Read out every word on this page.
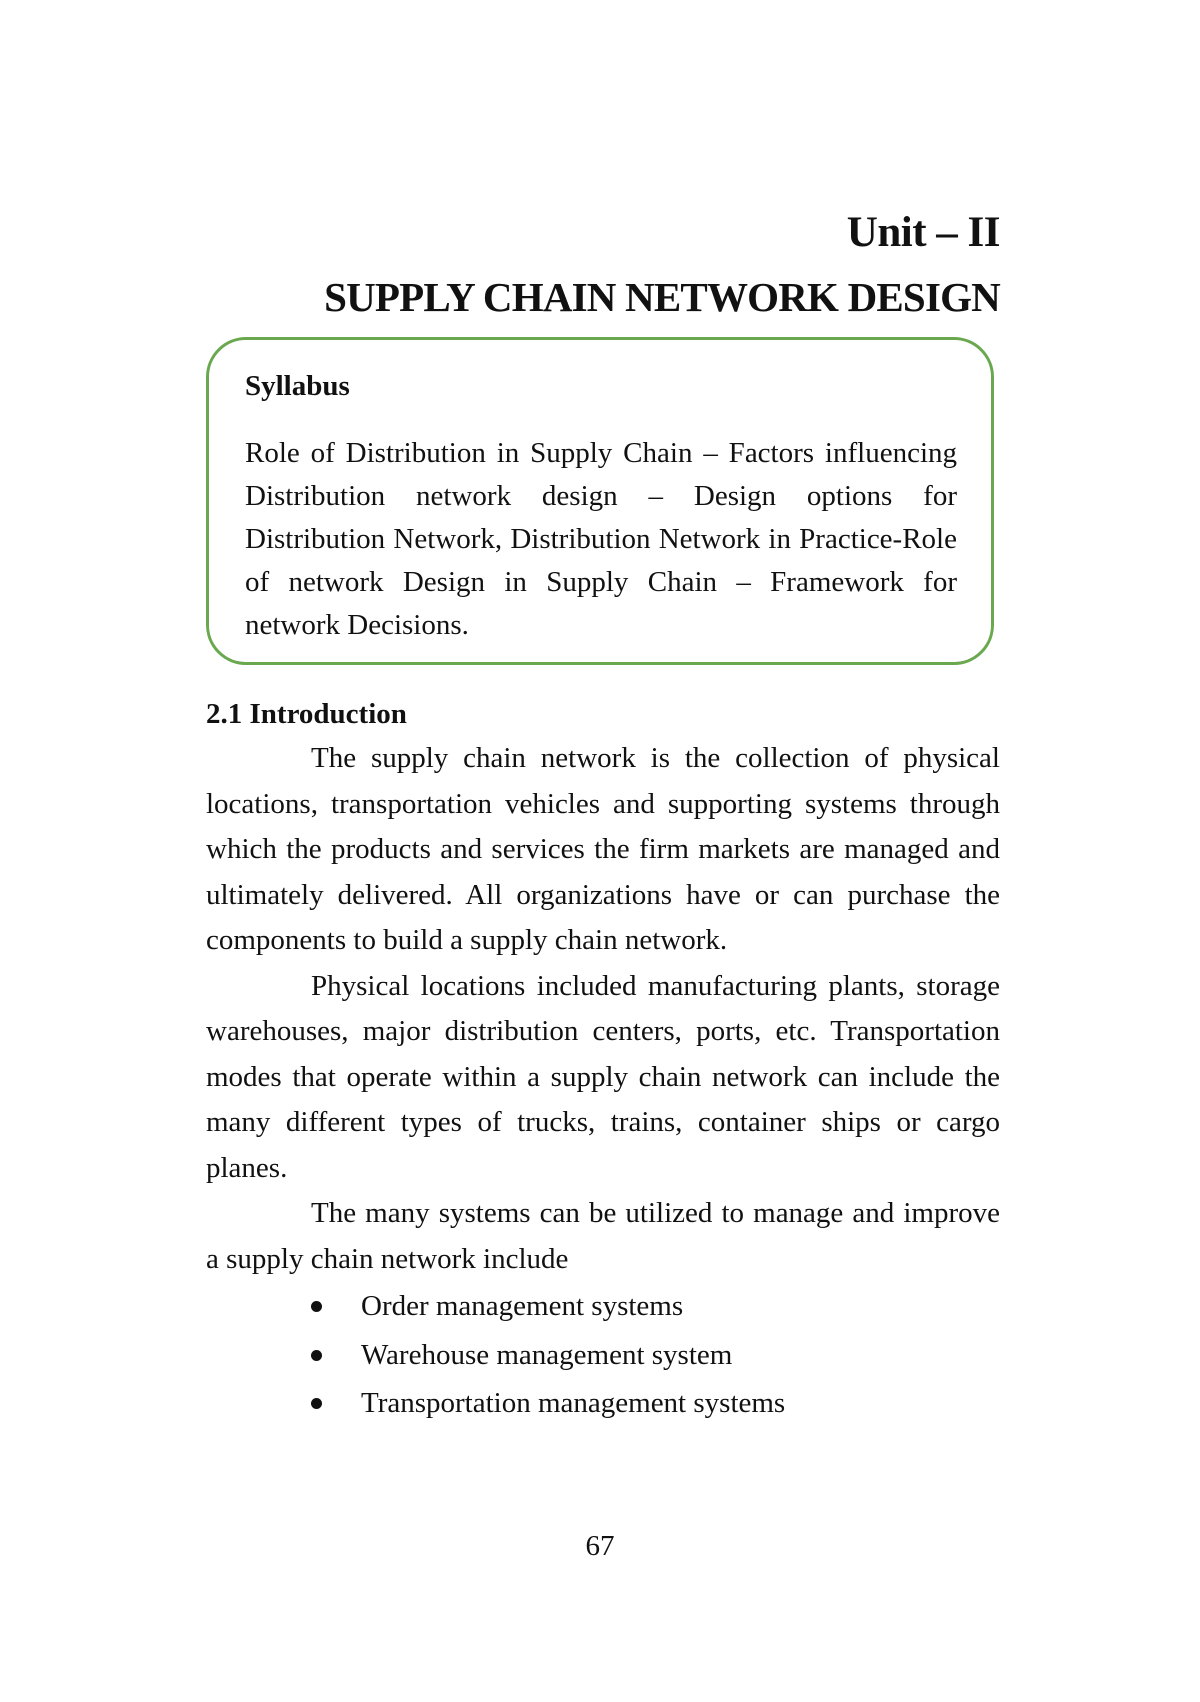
Unit – II
SUPPLY CHAIN NETWORK DESIGN
Syllabus
Role of Distribution in Supply Chain – Factors influencing Distribution network design – Design options for Distribution Network, Distribution Network in Practice-Role of network Design in Supply Chain – Framework for network Decisions.
2.1 Introduction

The supply chain network is the collection of physical locations, transportation vehicles and supporting systems through which the products and services the firm markets are managed and ultimately delivered. All organizations have or can purchase the components to build a supply chain network.

Physical locations included manufacturing plants, storage warehouses, major distribution centers, ports, etc. Transportation modes that operate within a supply chain network can include the many different types of trucks, trains, container ships or cargo planes.

The many systems can be utilized to manage and improve a supply chain network include

Order management systems
Warehouse management system
Transportation management systems
67
